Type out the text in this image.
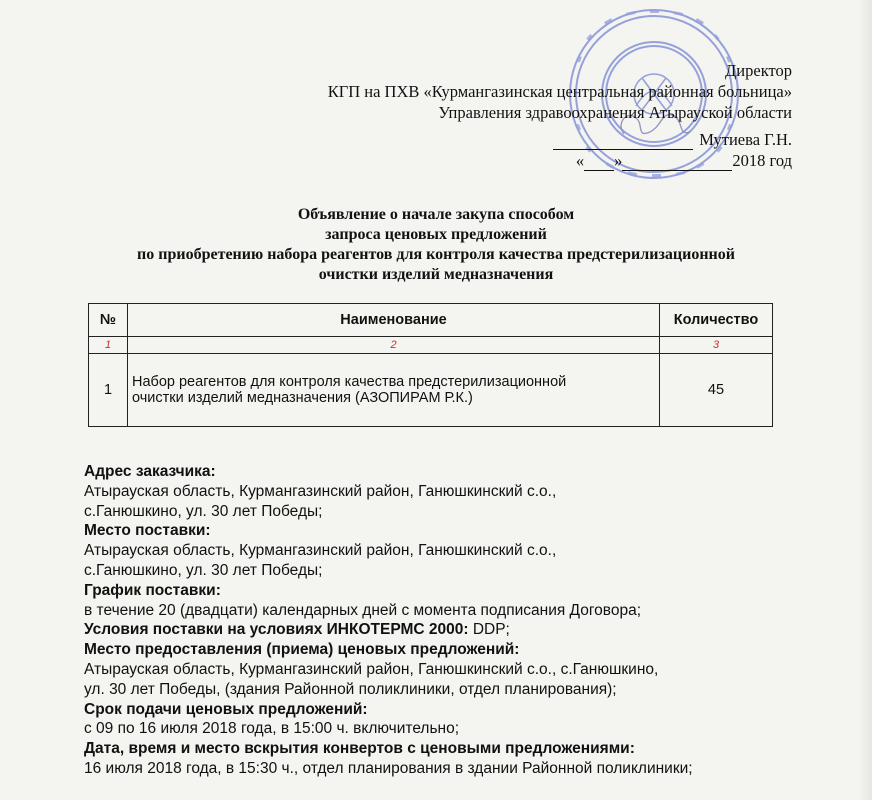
Директор
КГП на ПХВ «Курмангазинская центральная районная больница»
Управления здравоохранения Атырауской области
Мутиева Г.Н.
« »	2018 год
Объявление о начале закупа способом
запроса ценовых предложений
по приобретению набора реагентов для контроля качества предстерилизационной
очистки изделий медназначения
№	Наименование	Количество
1	2	3
1	Набор реагентов для контроля качества предстерилизационной
очистки изделий медназначения (АЗОПИРАМ Р.К.)	45
Адрес заказчика:
Атырауская область, Курмангазинский район, Ганюшкинский с.о.,
с.Ганюшкино, ул. 30 лет Победы;
Место поставки:
Атырауская область, Курмангазинский район, Ганюшкинский с.о.,
с.Ганюшкино, ул. 30 лет Победы;
График поставки:
в течение 20 (двадцати) календарных дней с момента подписания Договора;
Условия поставки на условиях ИНКОТЕРМС 2000: DDP;
Место предоставления (приема) ценовых предложений:
Атырауская область, Курмангазинский район, Ганюшкинский с.о., с.Ганюшкино,
ул. 30 лет Победы, (здания Районной поликлиники, отдел планирования);
Срок подачи ценовых предложений:
с 09 по 16 июля 2018 года, в 15:00 ч. включительно;
Дата, время и место вскрытия конвертов с ценовыми предложениями:
16 июля 2018 года, в 15:30 ч., отдел планирования в здании Районной поликлиники;
